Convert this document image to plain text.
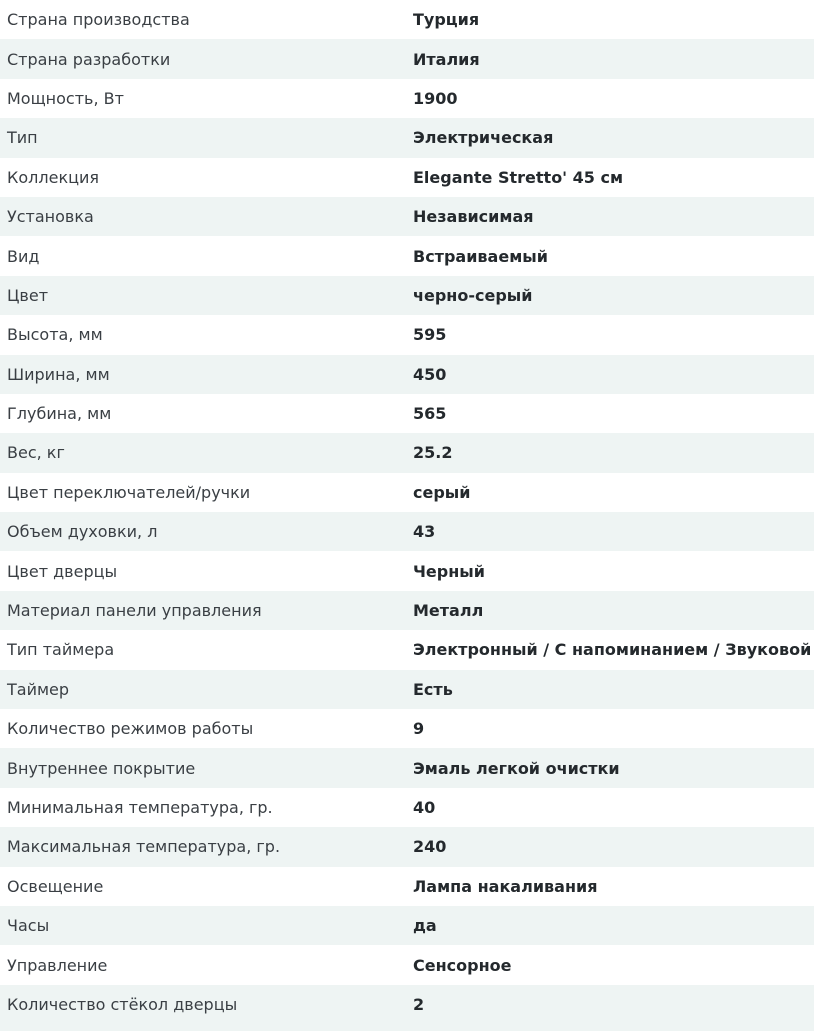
Страна производства	Турция
Страна разработки	Италия
Мощность, Вт	1900
Тип	Электрическая
Коллекция	Elegante Stretto' 45 см
Установка	Независимая
Вид	Встраиваемый
Цвет	черно-серый
Высота, мм	595
Ширина, мм	450
Глубина, мм	565
Вес, кг	25.2
Цвет переключателей/ручки	серый
Объем духовки, л	43
Цвет дверцы	Черный
Материал панели управления	Металл
Тип таймера	Электронный / С напоминанием / Звуковой
Таймер	Есть
Количество режимов работы	9
Внутреннее покрытие	Эмаль легкой очистки
Минимальная температура, гр.	40
Максимальная температура, гр.	240
Освещение	Лампа накаливания
Часы	да
Управление	Сенсорное
Количество стёкол дверцы	2
